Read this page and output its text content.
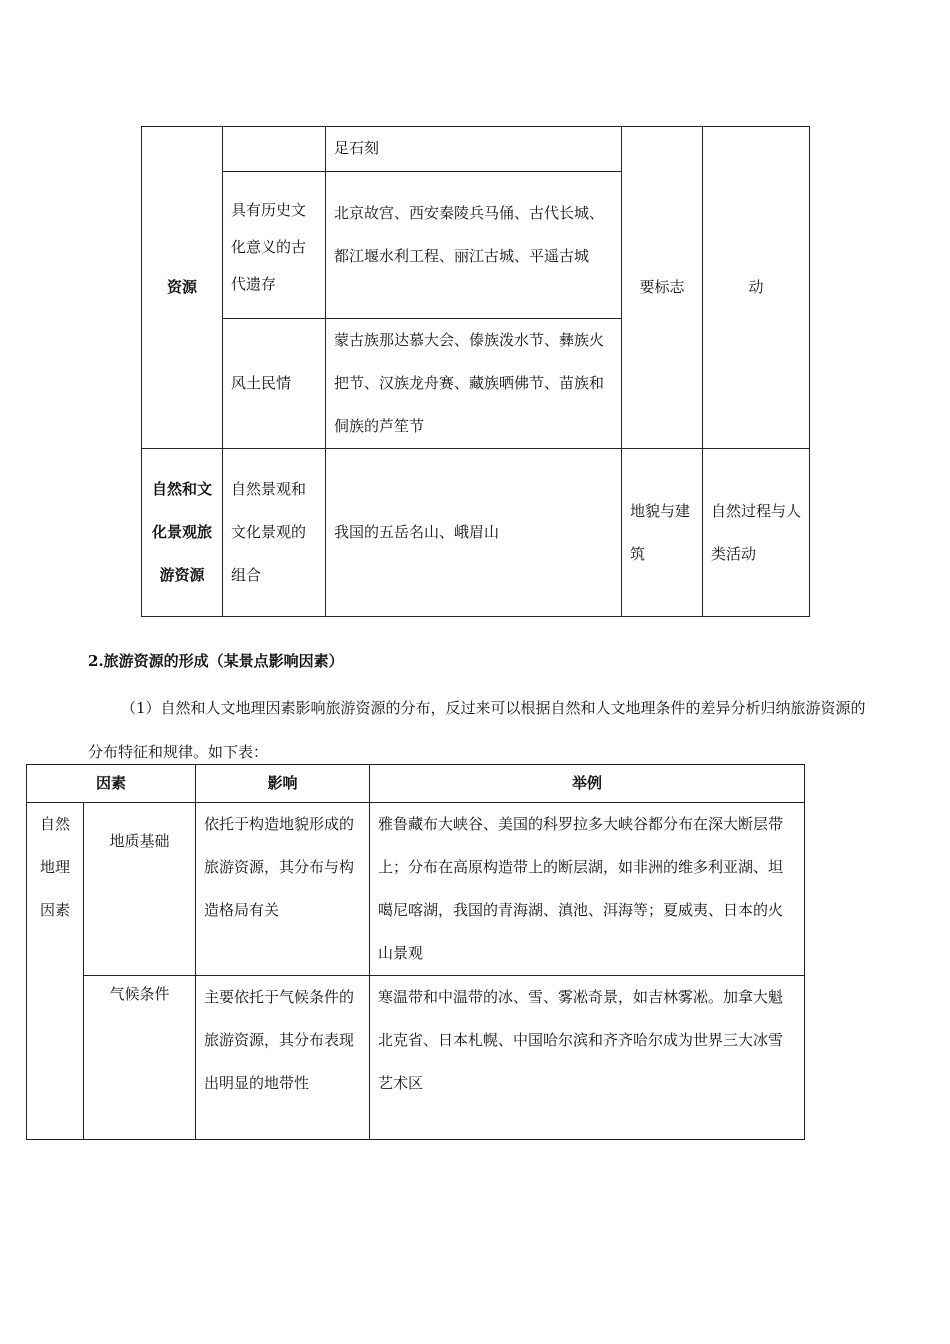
资源		足石刻	要标志	动

	具有历史文化意义的古代遗存	北京故宫、西安秦陵兵马俑、古代长城、都江堰水利工程、丽江古城、平遥古城		
	风土民情	蒙古族那达慕大会、傣族泼水节、彝族火把节、汉族龙舟赛、藏族晒佛节、苗族和侗族的芦笙节		
自然和文化景观旅游资源	自然景观和文化景观的组合	我国的五岳名山、峨眉山	地貌与建筑	自然过程与人类活动
2.旅游资源的形成（某景点影响因素）
（1）自然和人文地理因素影响旅游资源的分布，反过来可以根据自然和人文地理条件的差异分析归纳旅游资源的分布特征和规律。如下表：
因素		影响	举例

自然地理因素	地质基础	依托于构造地貌形成的旅游资源，其分布与构造格局有关	雅鲁藏布大峡谷、美国的科罗拉多大峡谷都分布在深大断层带上；分布在高原构造带上的断层湖，如非洲的维多利亚湖、坦噶尼喀湖，我国的青海湖、滇池、洱海等；夏威夷、日本的火山景观
	气候条件	主要依托于气候条件的旅游资源，其分布表现出明显的地带性	寒温带和中温带的冰、雪、雾凇奇景，如吉林雾凇。加拿大魁北克省、日本札幌、中国哈尔滨和齐齐哈尔成为世界三大冰雪艺术区
